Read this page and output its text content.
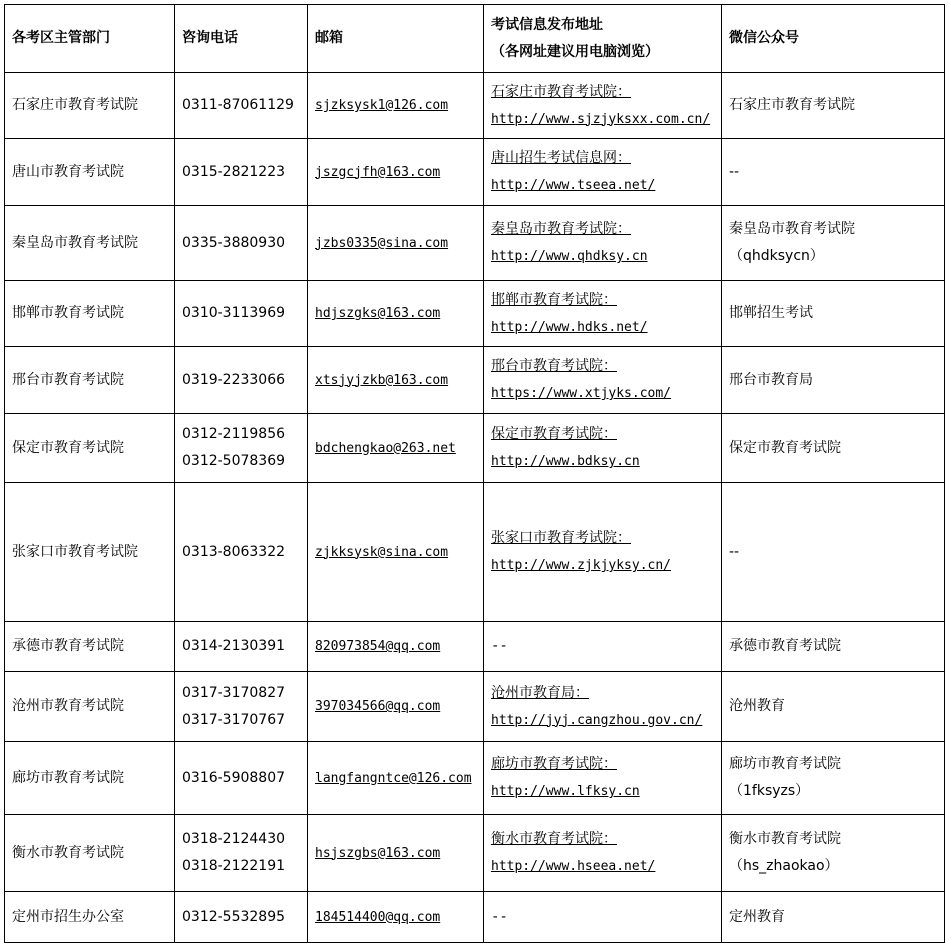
各考区主管部门	咨询电话	邮箱	考试信息发布地址
（各网址建议用电脑浏览）	微信公众号
石家庄市教育考试院	0311-87061129	sjzksysk1@126.com	石家庄市教育考试院：
http://www.sjzjyksxx.com.cn/	石家庄市教育考试院

唐山市教育考试院	0315-2821223	jszgcjfh@163.com	唐山招生考试信息网：
http://www.tseea.net/	--

秦皇岛市教育考试院	0335-3880930	jzbs0335@sina.com	秦皇岛市教育考试院：
http://www.qhdksy.cn	秦皇岛市教育考试院
（qhdksycn）

邯郸市教育考试院	0310-3113969	hdjszgks@163.com	邯郸市教育考试院：
http://www.hdks.net/	邯郸招生考试

邢台市教育考试院	0319-2233066	xtsjyjzkb@163.com	邢台市教育考试院：
https://www.xtjyks.com/	邢台市教育局

保定市教育考试院	0312-2119856
0312-5078369	bdchengkao@263.net	保定市教育考试院：
http://www.bdksy.cn	保定市教育考试院

张家口市教育考试院	0313-8063322	zjkksysk@sina.com	张家口市教育考试院：
http://www.zjkjyksy.cn/	--

承德市教育考试院	0314-2130391	820973854@qq.com	--	承德市教育考试院

沧州市教育考试院	0317-3170827
0317-3170767	397034566@qq.com	沧州市教育局：
http://jyj.cangzhou.gov.cn/	沧州教育

廊坊市教育考试院	0316-5908807	langfangntce@126.com	廊坊市教育考试院：
http://www.lfksy.cn	廊坊市教育考试院
（1fksyzs）

衡水市教育考试院	0318-2124430
0318-2122191	hsjszgbs@163.com	衡水市教育考试院：
http://www.hseea.net/	衡水市教育考试院
（hs_zhaokao）

定州市招生办公室	0312-5532895	184514400@qq.com	--	定州教育
